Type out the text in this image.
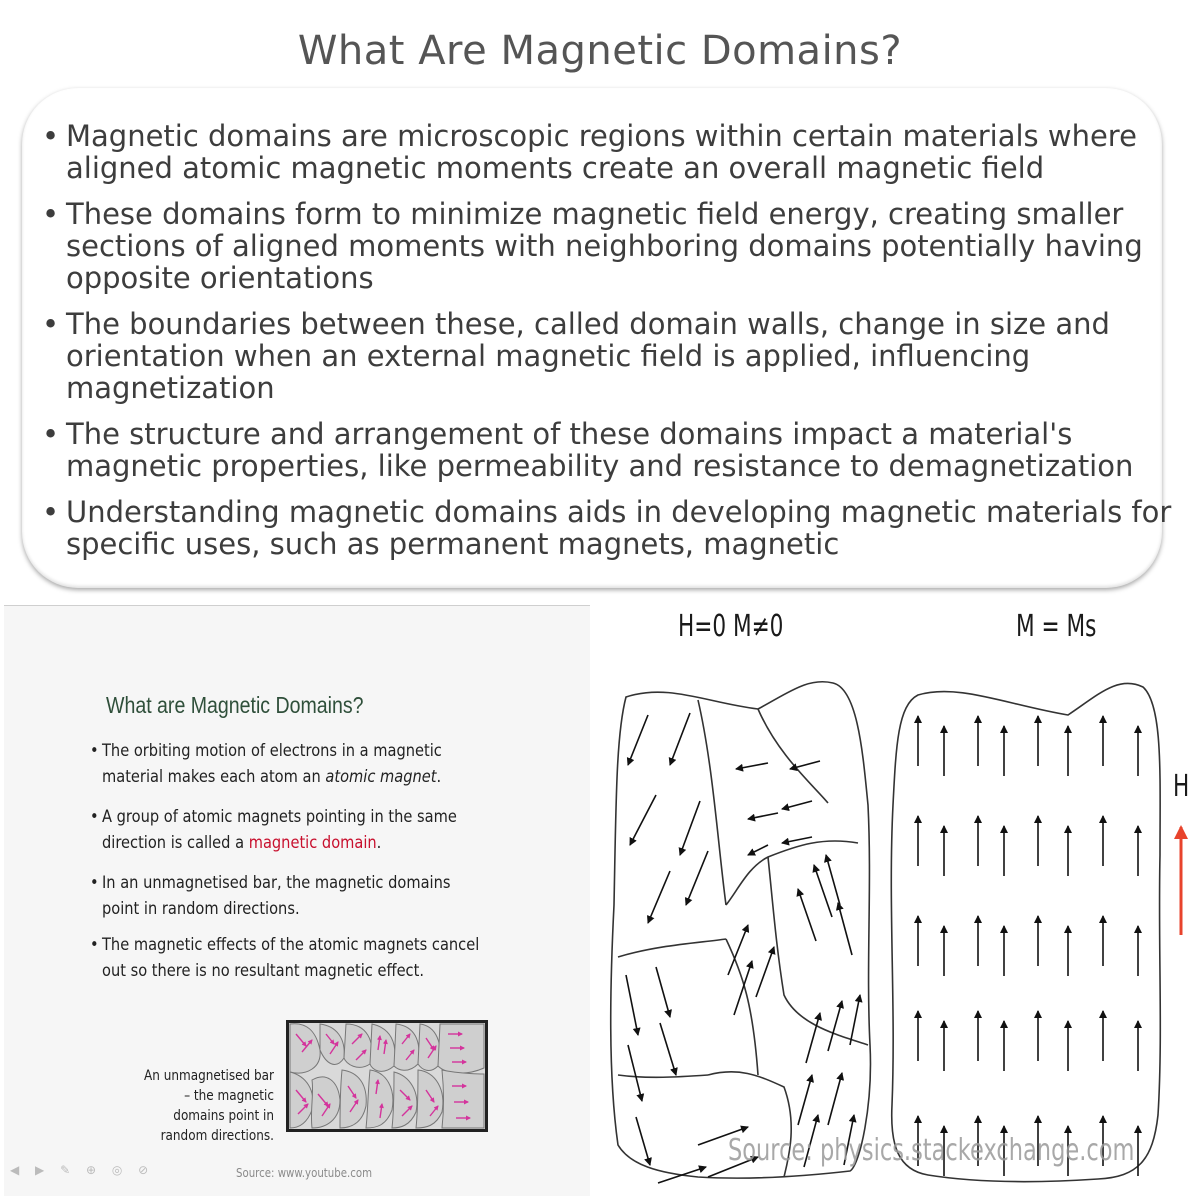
What Are Magnetic Domains?
• Magnetic domains are microscopic regions within certain materials where aligned atomic magnetic moments create an overall magnetic field
• These domains form to minimize magnetic field energy, creating smaller sections of aligned moments with neighboring domains potentially having opposite orientations
• The boundaries between these, called domain walls, change in size and orientation when an external magnetic field is applied, influencing magnetization
• The structure and arrangement of these domains impact a material's magnetic properties, like permeability and resistance to demagnetization
• Understanding magnetic domains aids in developing magnetic materials for specific uses, such as permanent magnets, magnetic
What are Magnetic Domains?
• The orbiting motion of electrons in a magnetic material makes each atom an atomic magnet.
• A group of atomic magnets pointing in the same direction is called a magnetic domain.
• In an unmagnetised bar, the magnetic domains point in random directions.
• The magnetic effects of the atomic magnets cancel out so there is no resultant magnetic effect.
An unmagnetised bar – the magnetic domains point in random directions.
◀ ▶ ✎ ⊕ ◎ ⊘	Source: www.youtube.com
H=0 M≠0	M = Ms
H
Source: physics.stackexchange.com
